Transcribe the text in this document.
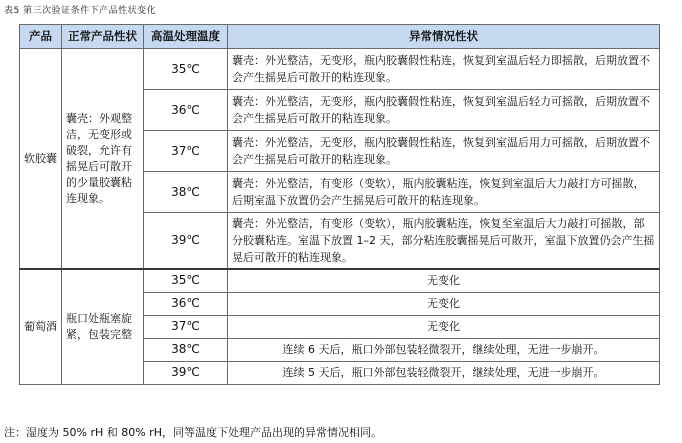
表5 第三次验证条件下产品性状变化
产品	正常产品性状	高温处理温度	异常情况性状
软胶囊	囊壳：外观整洁，无变形或破裂，允许有摇晃后可散开的少量胶囊粘连现象。	35℃	囊壳：外光整洁，无变形，瓶内胶囊假性粘连，恢复到室温后轻力即摇散，后期放置不会产生摇晃后可散开的粘连现象。
		36℃	囊壳：外光整洁，无变形，瓶内胶囊假性粘连，恢复到室温后轻力可摇散，后期放置不会产生摇晃后可散开的粘连现象。
		37℃	囊壳：外光整洁，无变形，瓶内胶囊假性粘连，恢复到室温后用力可摇散，后期放置不会产生摇晃后可散开的粘连现象。
		38℃	囊壳：外光整洁，有变形（变软），瓶内胶囊粘连，恢复到室温后大力敲打方可摇散，后期室温下放置仍会产生摇晃后可散开的粘连现象。
		39℃	囊壳：外光整洁，有变形（变软），瓶内胶囊粘连，恢复至室温后大力敲打可摇散，部分胶囊粘连。室温下放置 1–2 天，部分粘连胶囊摇晃后可散开，室温下放置仍会产生摇晃后可散开的粘连现象。
葡萄酒	瓶口处瓶塞旋紧，包装完整	35℃	无变化
		36℃	无变化
		37℃	无变化
		38℃	连续 6 天后，瓶口外部包装轻微裂开，继续处理，无进一步崩开。
		39℃	连续 5 天后，瓶口外部包装轻微裂开，继续处理，无进一步崩开。
注：湿度为 50% rH 和 80% rH，同等温度下处理产品出现的异常情况相同。
